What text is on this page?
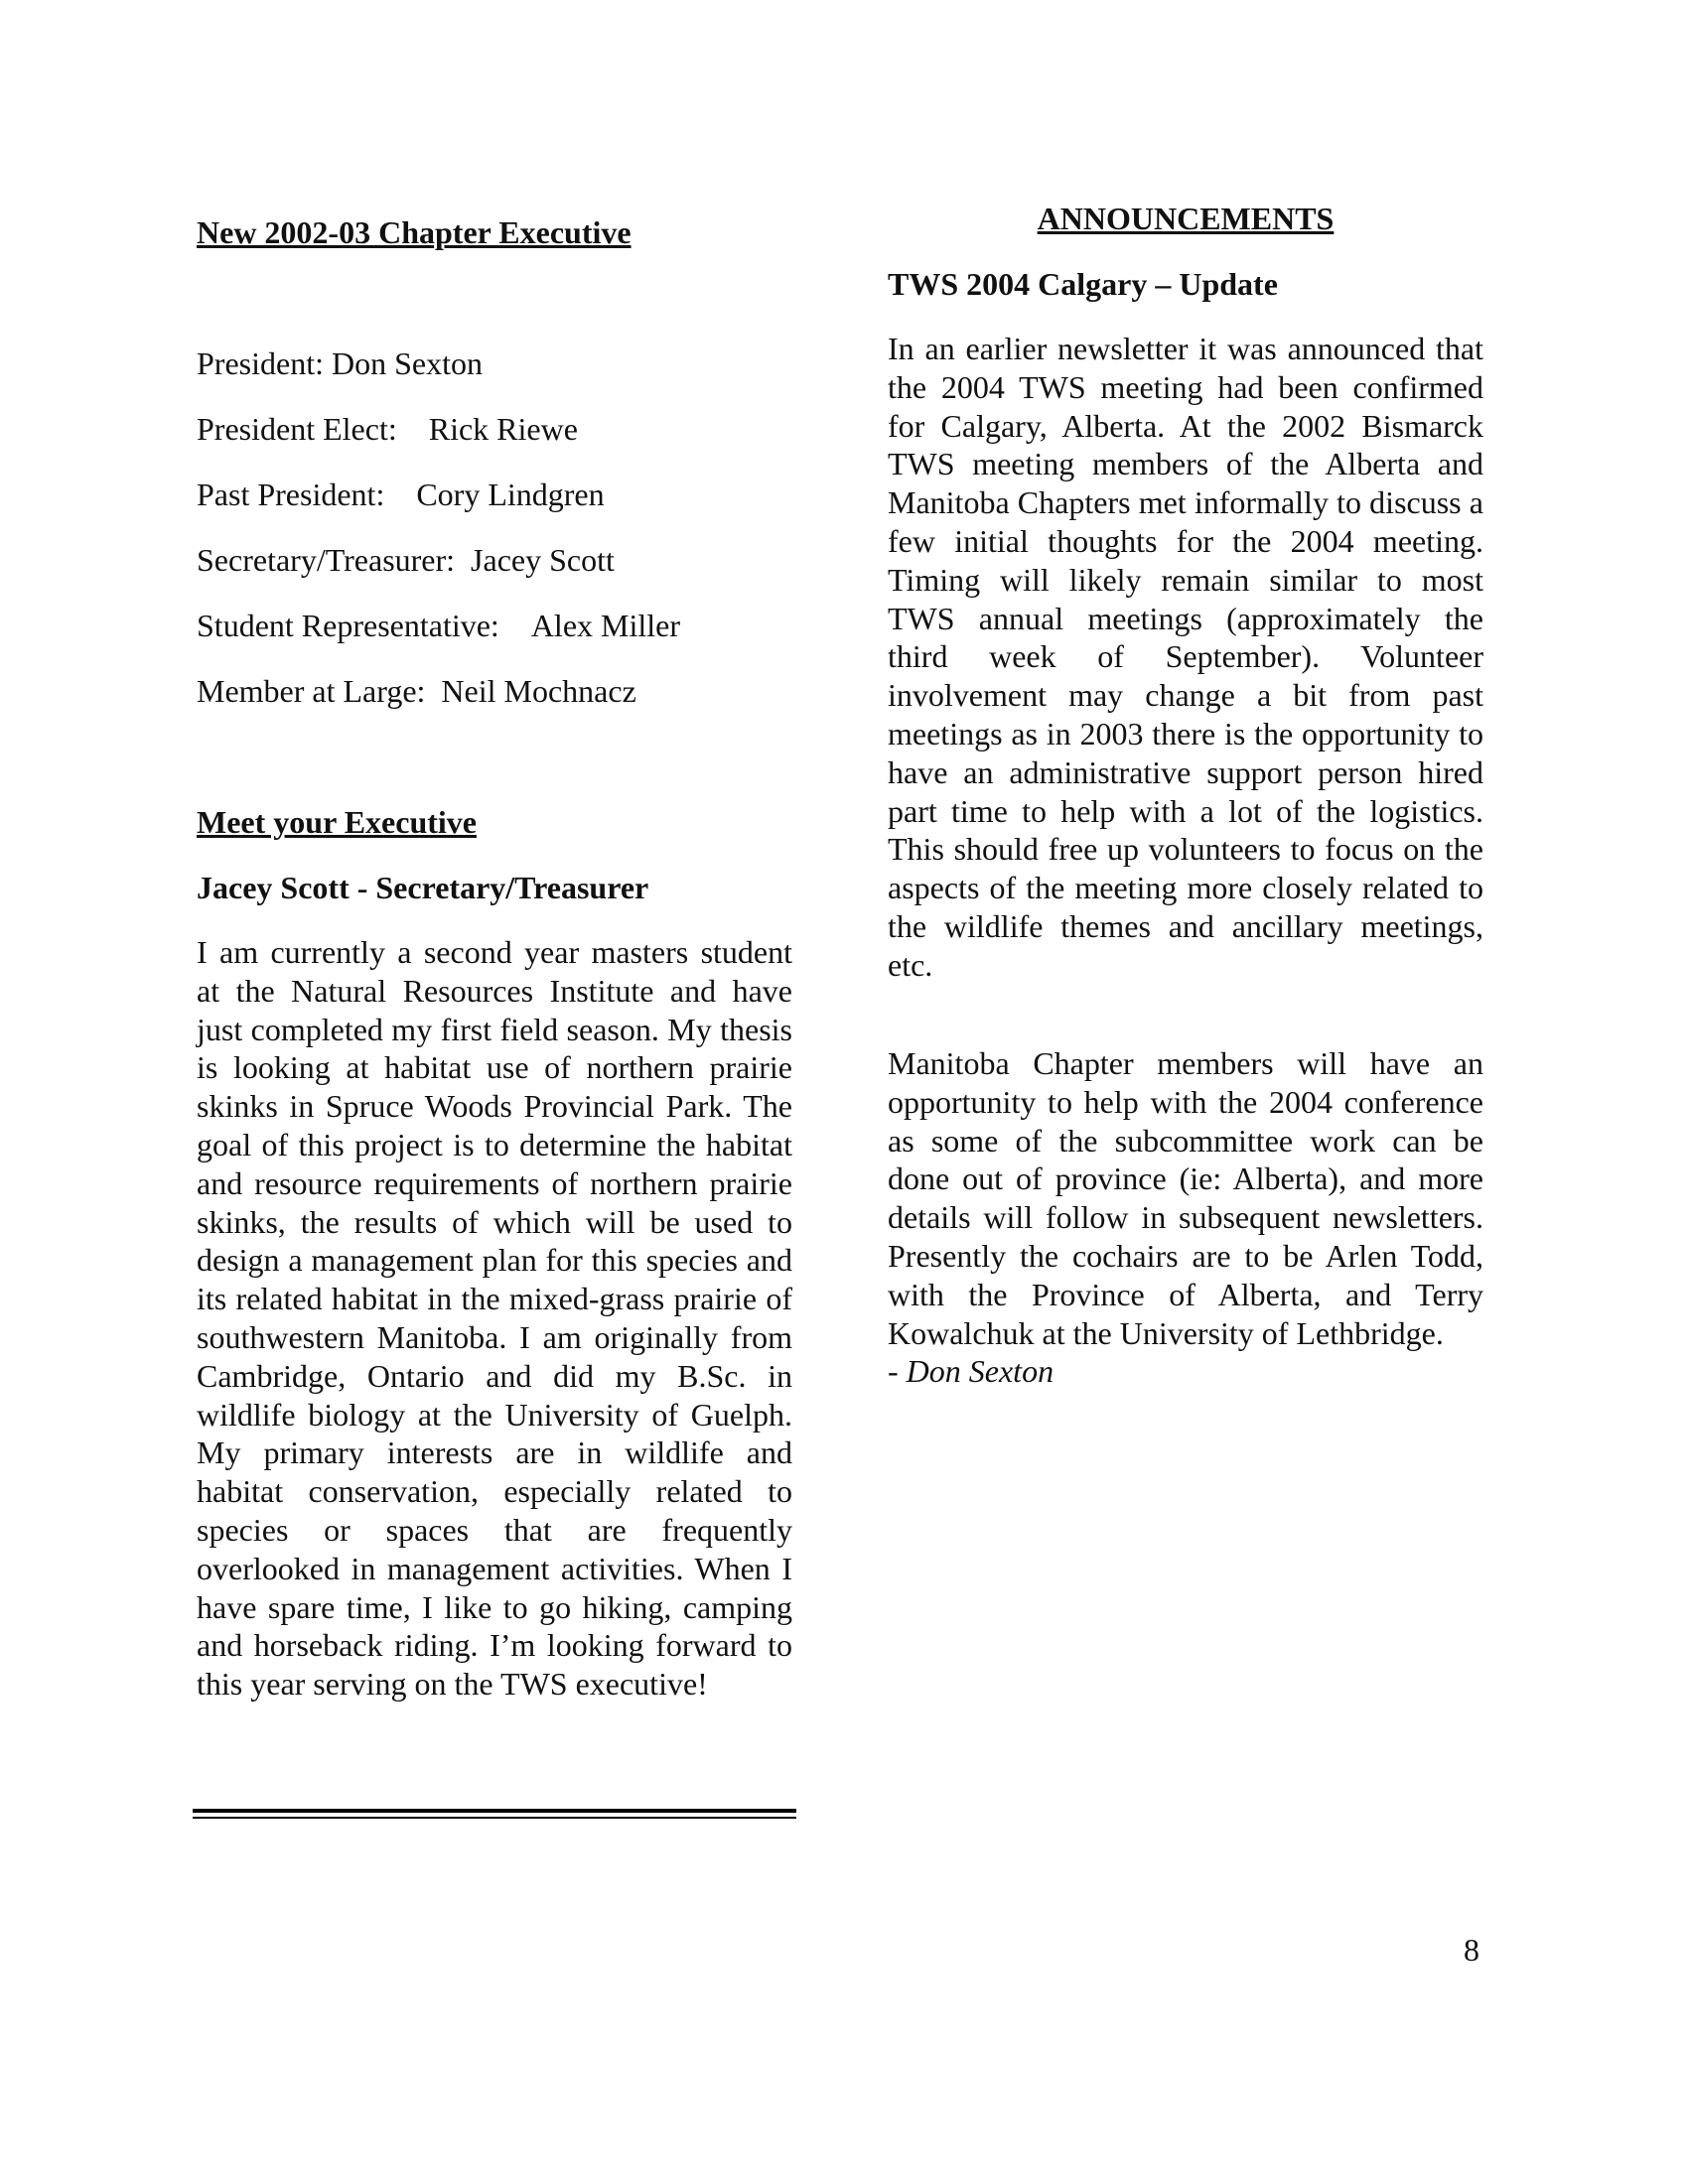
New 2002-03 Chapter Executive
President: Don Sexton
President Elect: Rick Riewe
Past President: Cory Lindgren
Secretary/Treasurer: Jacey Scott
Student Representative: Alex Miller
Member at Large: Neil Mochnacz
Meet your Executive
Jacey Scott - Secretary/Treasurer

I am currently a second year masters student at the Natural Resources Institute and have just completed my first field season. My thesis is looking at habitat use of northern prairie skinks in Spruce Woods Provincial Park. The goal of this project is to determine the habitat and resource requirements of northern prairie skinks, the results of which will be used to design a management plan for this species and its related habitat in the mixed-grass prairie of southwestern Manitoba. I am originally from Cambridge, Ontario and did my B.Sc. in wildlife biology at the University of Guelph. My primary interests are in wildlife and habitat conservation, especially related to species or spaces that are frequently overlooked in management activities. When I have spare time, I like to go hiking, camping and horseback riding. I’m looking forward to this year serving on the TWS executive!

ANNOUNCEMENTS
TWS 2004 Calgary – Update

In an earlier newsletter it was announced that the 2004 TWS meeting had been confirmed for Calgary, Alberta. At the 2002 Bismarck TWS meeting members of the Alberta and Manitoba Chapters met informally to discuss a few initial thoughts for the 2004 meeting. Timing will likely remain similar to most TWS annual meetings (approximately the third week of September). Volunteer involvement may change a bit from past meetings as in 2003 there is the opportunity to have an administrative support person hired part time to help with a lot of the logistics. This should free up volunteers to focus on the aspects of the meeting more closely related to the wildlife themes and ancillary meetings, etc.

Manitoba Chapter members will have an opportunity to help with the 2004 conference as some of the subcommittee work can be done out of province (ie: Alberta), and more details will follow in subsequent newsletters. Presently the cochairs are to be Arlen Todd, with the Province of Alberta, and Terry Kowalchuk at the University of Lethbridge.
- Don Sexton

8
